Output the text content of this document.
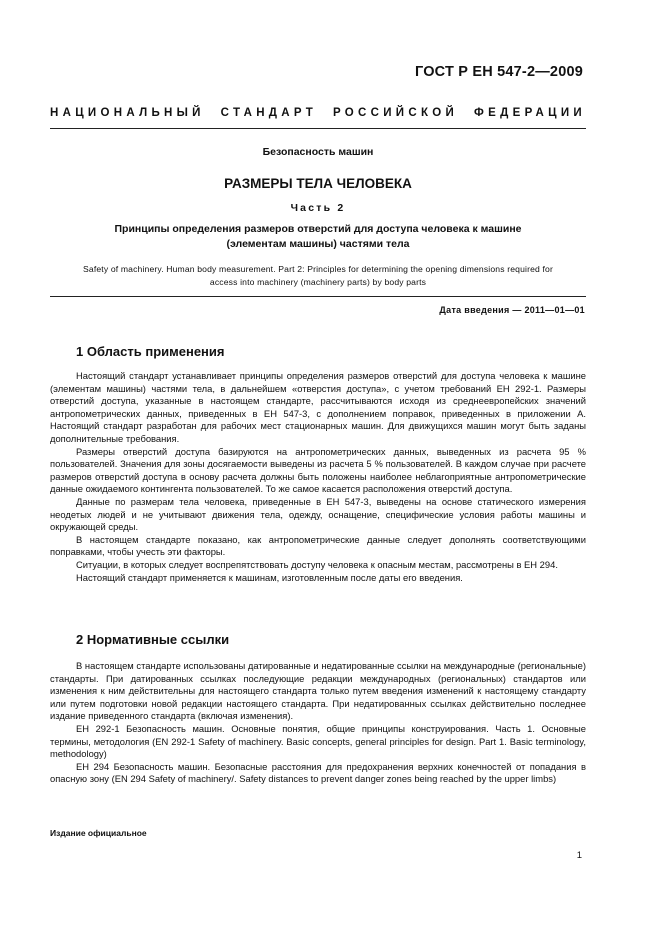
ГОСТ Р ЕН 547-2—2009
НАЦИОНАЛЬНЫЙ СТАНДАРТ РОССИЙСКОЙ ФЕДЕРАЦИИ
Безопасность машин
РАЗМЕРЫ ТЕЛА ЧЕЛОВЕКА
Часть 2
Принципы определения размеров отверстий для доступа человека к машине
(элементам машины) частями тела
Safety of machinery. Human body measurement. Part 2: Principles for determining the opening dimensions required for
access into machinery (machinery parts) by body parts
Дата введения — 2011—01—01
1 Область применения

Настоящий стандарт устанавливает принципы определения размеров отверстий для доступа человека к машине (элементам машины) частями тела, в дальнейшем «отверстия доступа», с учетом требований ЕН 292-1. Размеры отверстий доступа, указанные в настоящем стандарте, рассчитываются исходя из среднеевропейских значений антропометрических данных, приведенных в ЕН 547-3, с дополнением поправок, приведенных в приложении А. Настоящий стандарт разработан для рабочих мест стационарных машин. Для движущихся машин могут быть заданы дополнительные требования.

Размеры отверстий доступа базируются на антропометрических данных, выведенных из расчета 95 % пользователей. Значения для зоны досягаемости выведены из расчета 5 % пользователей. В каждом случае при расчете размеров отверстий доступа в основу расчета должны быть положены наиболее неблагоприятные антропометрические данные ожидаемого контингента пользователей. То же самое касается расположения отверстий доступа.

Данные по размерам тела человека, приведенные в ЕН 547-3, выведены на основе статического измерения неодетых людей и не учитывают движения тела, одежду, оснащение, специфические условия работы машины и окружающей среды.

В настоящем стандарте показано, как антропометрические данные следует дополнять соответствующими поправками, чтобы учесть эти факторы.

Ситуации, в которых следует воспрепятствовать доступу человека к опасным местам, рассмотрены в ЕН 294.

Настоящий стандарт применяется к машинам, изготовленным после даты его введения.

2 Нормативные ссылки

В настоящем стандарте использованы датированные и недатированные ссылки на международные (региональные) стандарты. При датированных ссылках последующие редакции международных (региональных) стандартов или изменения к ним действительны для настоящего стандарта только путем введения изменений к настоящему стандарту или путем подготовки новой редакции настоящего стандарта. При недатированных ссылках действительно последнее издание приведенного стандарта (включая изменения).

ЕН 292-1 Безопасность машин. Основные понятия, общие принципы конструирования. Часть 1. Основные термины, методология (EN 292-1 Safety of machinery. Basic concepts, general principles for design. Part 1. Basic terminology, methodology)

ЕН 294 Безопасность машин. Безопасные расстояния для предохранения верхних конечностей от попадания в опасную зону (EN 294 Safety of machinery/. Safety distances to prevent danger zones being reached by the upper limbs)

Издание официальное
1
